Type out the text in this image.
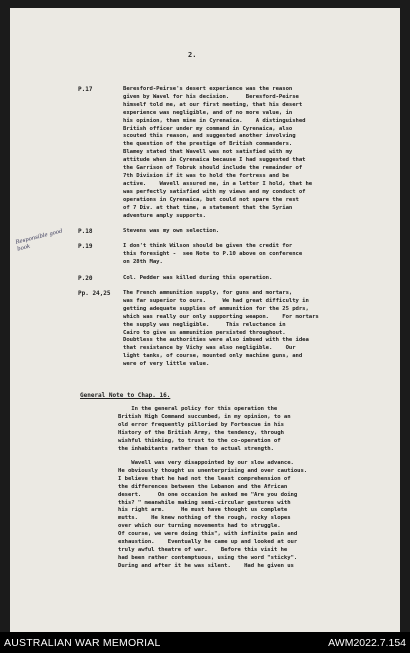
2.
P.17	Beresford-Peirse's desert experience was the reason
given by Wavel for his decision.     Beresford-Peirse
himself told me, at our first meeting, that his desert
experience was negligible, and of no more value, in
his opinion, than mine in Cyrenaica.    A distinguished
British officer under my command in Cyrenaica, also
scouted this reason, and suggested another involving
the question of the prestige of British commanders.
Blamey stated that Wavell was not satisfied with my
attitude when in Cyrenaica because I had suggested that
the Garrison of Tobruk should include the remainder of
7th Division if it was to hold the fortress and be
active.    Wavell assured me, in a letter I hold, that he
was perfectly satisfied with my views and my conduct of
operations in Cyrenaica, but could not spare the rest
of 7 Div. at that time, a statement that the Syrian
adventure amply supports.
P.18	Stevens was my own selection.
P.19	I don't think Wilson should be given the credit for
this foresight -  see Note to P.10 above on conference
on 28th May.
P.20	Col. Pedder was killed during this operation.
Pp. 24,25 The French ammunition supply, for guns and mortars,
was far superior to ours.     We had great difficulty in
getting adequate supplies of ammunition for the 25 pdrs,
which was really our only supporting weapon.    For mortars
the supply was negligible.     This reluctance in
Cairo to give us ammunition persisted throughout.
Doubtless the authorities were also imbued with the idea
that resistance by Vichy was also negligible.    Our
light tanks, of course, mounted only machine guns, and
were of very little value.
Responsible good book
General Note to Chap. 16.
In the general policy for this operation the
British High Command succumbed, in my opinion, to an
old error frequently pilloried by Fortescue in his
History of the British Army, the tendency, through
wishful thinking, to trust to the co-operation of
the inhabitants rather than to actual strength.
Wavell was very disappointed by our slow advance.
He obviously thought us unenterprising and over cautious.
I believe that he had not the least comprehension of
the differences between the Lebanon and the African
desert.     On one occasion he asked me "Are you doing
this? " meanwhile making semi-circular gestures with
his right arm.     He must have thought us complete
mutts.    He knew nothing of the rough, rocky slopes
over which our turning movements had to struggle.
Of course, we were doing this", with infinite pain and
exhaustion.    Eventually he came up and looked at our
truly awful theatre of war.    Before this visit he
had been rather contemptuous, using the word "sticky".
During and after it he was silent.    Had he given us
AUSTRALIAN WAR MEMORIAL	AWM2022.7.154
